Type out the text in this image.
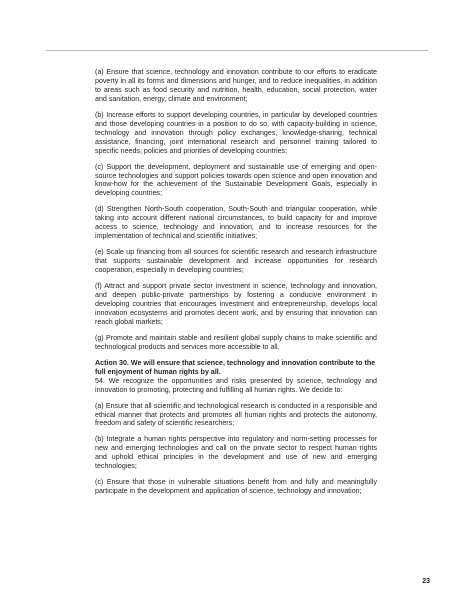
(a) Ensure that science, technology and innovation contribute to our efforts to eradicate poverty in all its forms and dimensions and hunger, and to reduce inequalities, in addition to areas such as food security and nutrition, health, education, social protection, water and sanitation, energy, climate and environment;

(b) Increase efforts to support developing countries, in particular by developed countries and those developing countries in a position to do so, with capacity-building in science, technology and innovation through policy exchanges, knowledge-sharing, technical assistance, financing, joint international research and personnel training tailored to specific needs, policies and priorities of developing countries;

(c) Support the development, deployment and sustainable use of emerging and open-source technologies and support policies towards open science and open innovation and know-how for the achievement of the Sustainable Development Goals, especially in developing countries;

(d) Strengthen North-South cooperation, South-South and triangular cooperation, while taking into account different national circumstances, to build capacity for and improve access to science, technology and innovation, and to increase resources for the implementation of technical and scientific initiatives;

(e) Scale up financing from all sources for scientific research and research infrastructure that supports sustainable development and increase opportunities for research cooperation, especially in developing countries;

(f) Attract and support private sector investment in science, technology and innovation, and deepen public-private partnerships by fostering a conducive environment in developing countries that encourages investment and entrepreneurship, develops local innovation ecosystems and promotes decent work, and by ensuring that innovation can reach global markets;

(g) Promote and maintain stable and resilient global supply chains to make scientific and technological products and services more accessible to all.

Action 30. We will ensure that science, technology and innovation contribute to the full enjoyment of human rights by all.

54. We recognize the opportunities and risks presented by science, technology and innovation to promoting, protecting and fulfilling all human rights. We decide to:

(a) Ensure that all scientific and technological research is conducted in a responsible and ethical manner that protects and promotes all human rights and protects the autonomy, freedom and safety of scientific researchers;

(b) Integrate a human rights perspective into regulatory and norm-setting processes for new and emerging technologies and call on the private sector to respect human rights and uphold ethical principles in the development and use of new and emerging technologies;

(c) Ensure that those in vulnerable situations benefit from and fully and meaningfully participate in the development and application of science, technology and innovation;

23
